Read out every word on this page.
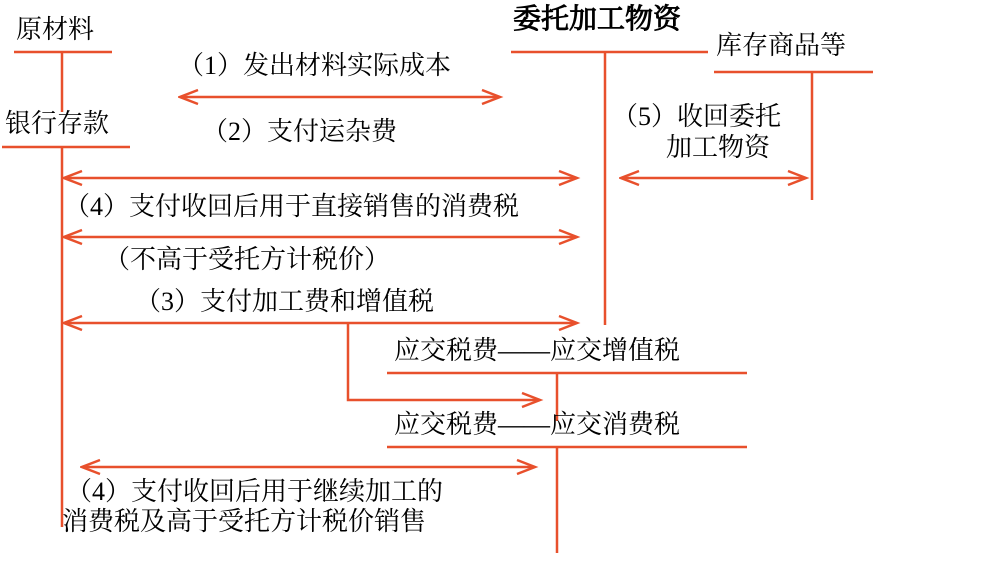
原材料
银行存款
委托加工物资
库存商品等
应交税费——应交增值税
应交税费——应交消费税
（1）发出材料实际成本
（2）支付运杂费
（4）支付收回后用于直接销售的消费税
（不高于受托方计税价）
（3）支付加工费和增值税
（5）收回委托
加工物资
（4）支付收回后用于继续加工的
消费税及高于受托方计税价销售
